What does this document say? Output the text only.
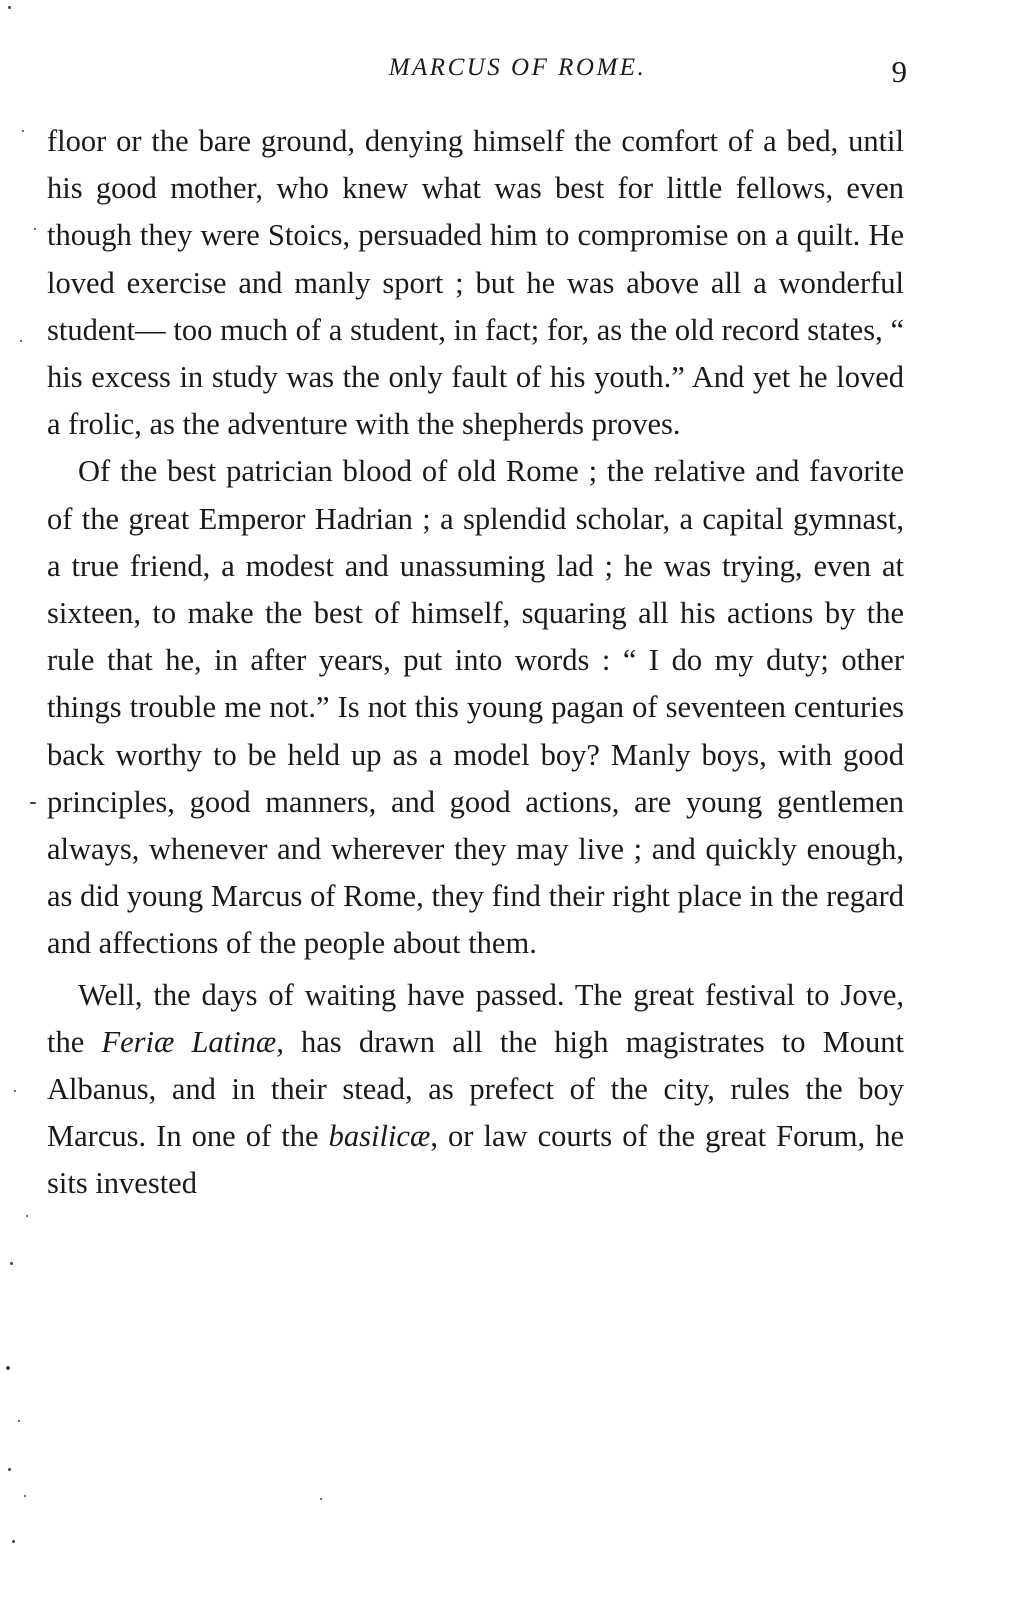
MARCUS OF ROME.	9

floor or the bare ground, denying himself the comfort of a bed, until his good mother, who knew what was best for little fellows, even though they were Stoics, persuaded him to compromise on a quilt. He loved exercise and manly sport ; but he was above all a wonderful student— too much of a student, in fact; for, as the old record states, “ his excess in study was the only fault of his youth.” And yet he loved a frolic, as the adventure with the shepherds proves.

Of the best patrician blood of old Rome ; the relative and favorite of the great Emperor Hadrian ; a splendid scholar, a capital gymnast, a true friend, a modest and unassuming lad ; he was trying, even at sixteen, to make the best of himself, squaring all his actions by the rule that he, in after years, put into words : “ I do my duty; other things trouble me not.” Is not this young pagan of seventeen centuries back worthy to be held up as a model boy? Manly boys, with good principles, good manners, and good actions, are young gentlemen always, whenever and wherever they may live ; and quickly enough, as did young Marcus of Rome, they find their right place in the regard and affections of the people about them.

Well, the days of waiting have passed. The great festival to Jove, the Feriæ Latinæ, has drawn all the high magistrates to Mount Albanus, and in their stead, as prefect of the city, rules the boy Marcus. In one of the basilicæ, or law courts of the great Forum, he sits invested
